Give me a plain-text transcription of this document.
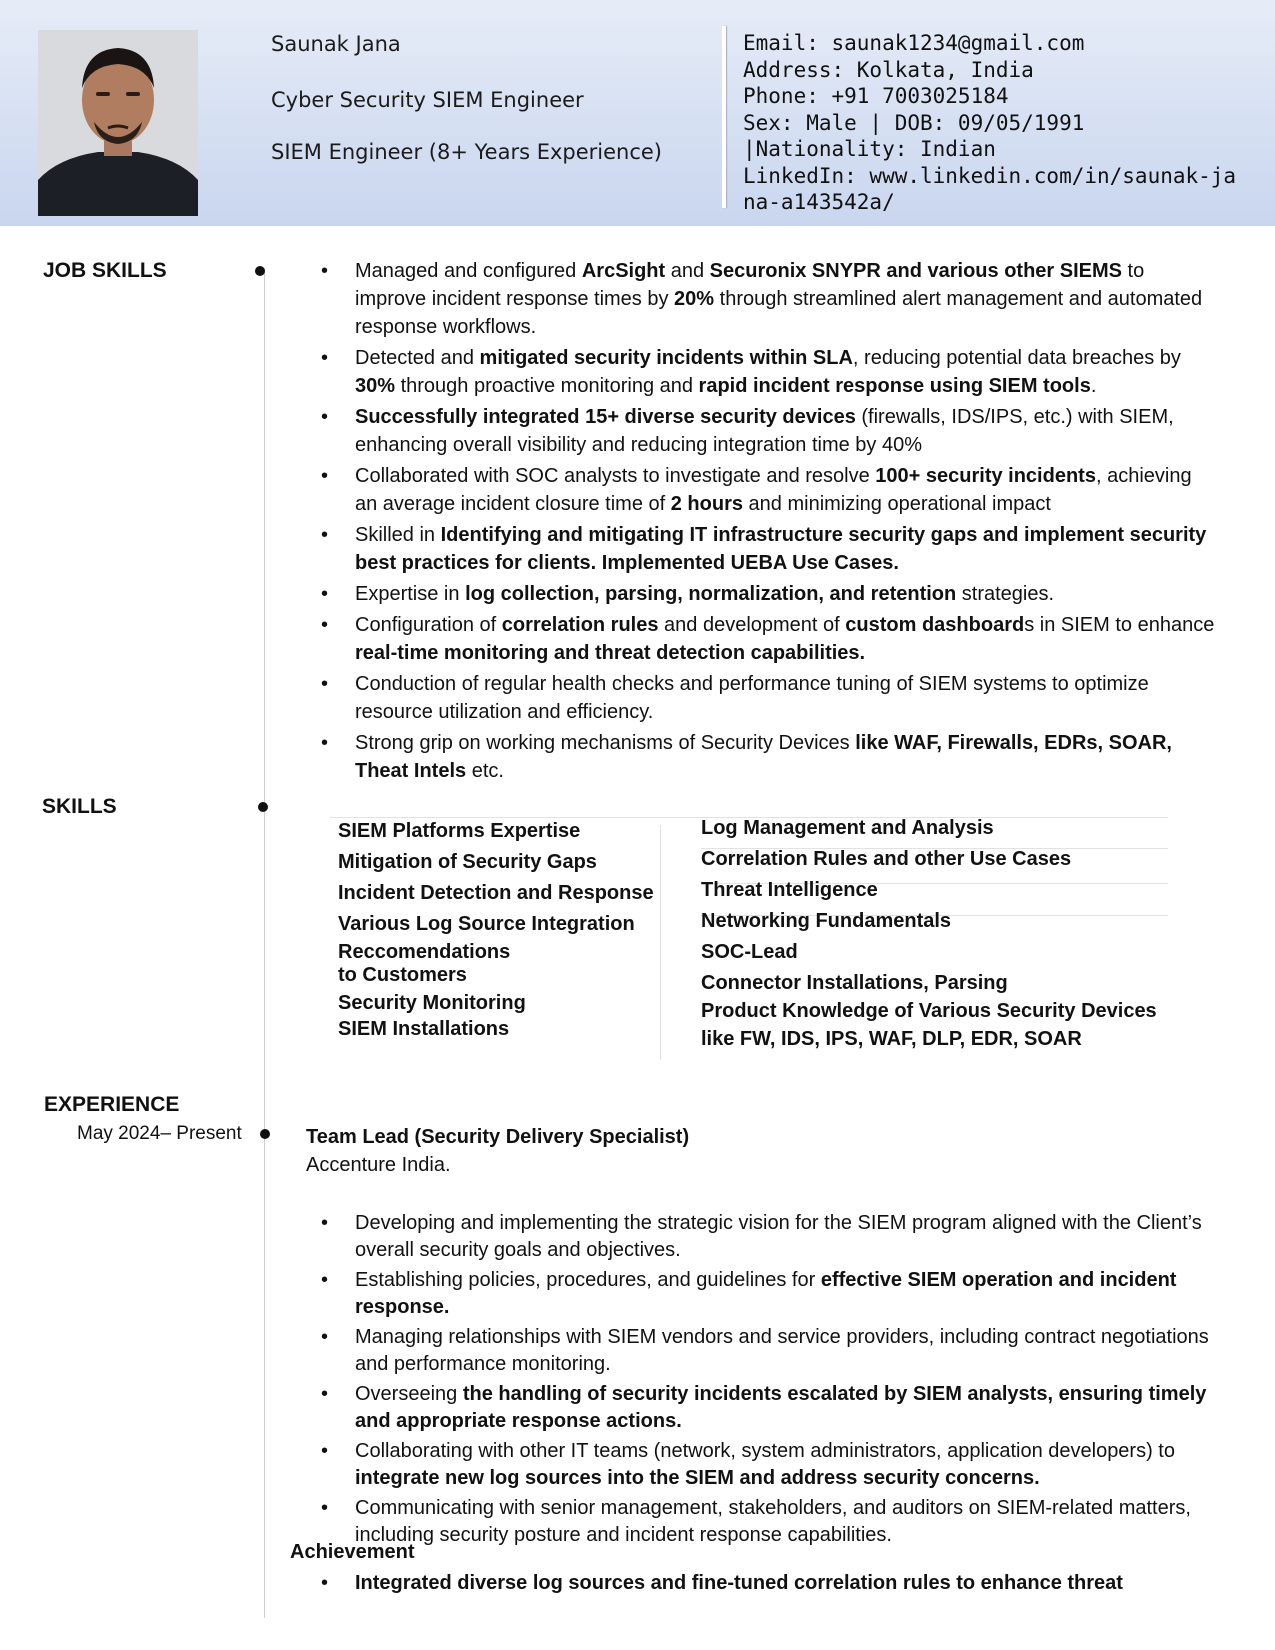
Saunak Jana
Cyber Security SIEM Engineer
SIEM Engineer (8+ Years Experience)
Email: saunak1234@gmail.com
Address: Kolkata, India
Phone: +91 7003025184
Sex: Male | DOB: 09/05/1991 |Nationality: Indian
LinkedIn: www.linkedin.com/in/saunak-jana-a143542a/
JOB SKILLS
SKILLS
EXPERIENCE
May 2024– Present
• Managed and configured ArcSight and Securonix SNYPR and various other SIEMS to improve incident response times by 20% through streamlined alert management and automated response workflows.
• Detected and mitigated security incidents within SLA, reducing potential data breaches by 30% through proactive monitoring and rapid incident response using SIEM tools.
• Successfully integrated 15+ diverse security devices (firewalls, IDS/IPS, etc.) with SIEM, enhancing overall visibility and reducing integration time by 40%
• Collaborated with SOC analysts to investigate and resolve 100+ security incidents, achieving an average incident closure time of 2 hours and minimizing operational impact
• Skilled in Identifying and mitigating IT infrastructure security gaps and implement security best practices for clients. Implemented UEBA Use Cases.
• Expertise in log collection, parsing, normalization, and retention strategies.
• Configuration of correlation rules and development of custom dashboards in SIEM to enhance real-time monitoring and threat detection capabilities.
• Conduction of regular health checks and performance tuning of SIEM systems to optimize resource utilization and efficiency.
• Strong grip on working mechanisms of Security Devices like WAF, Firewalls, EDRs, SOAR, Theat Intels etc.
SIEM Platforms Expertise
Mitigation of Security Gaps
Incident Detection and Response
Various Log Source Integration
Reccomendations to Customers
Security Monitoring
SIEM Installations
Log Management and Analysis
Correlation Rules and other Use Cases
Threat Intelligence
Networking Fundamentals
SOC-Lead
Connector Installations, Parsing
Product Knowledge of Various Security Devices like FW, IDS, IPS, WAF, DLP, EDR, SOAR
Team Lead (Security Delivery Specialist)
Accenture India.
• Developing and implementing the strategic vision for the SIEM program aligned with the Client’s overall security goals and objectives.
• Establishing policies, procedures, and guidelines for effective SIEM operation and incident response.
• Managing relationships with SIEM vendors and service providers, including contract negotiations and performance monitoring.
• Overseeing the handling of security incidents escalated by SIEM analysts, ensuring timely and appropriate response actions.
• Collaborating with other IT teams (network, system administrators, application developers) to integrate new log sources into the SIEM and address security concerns.
• Communicating with senior management, stakeholders, and auditors on SIEM-related matters, including security posture and incident response capabilities.
Achievement
• Integrated diverse log sources and fine-tuned correlation rules to enhance threat
